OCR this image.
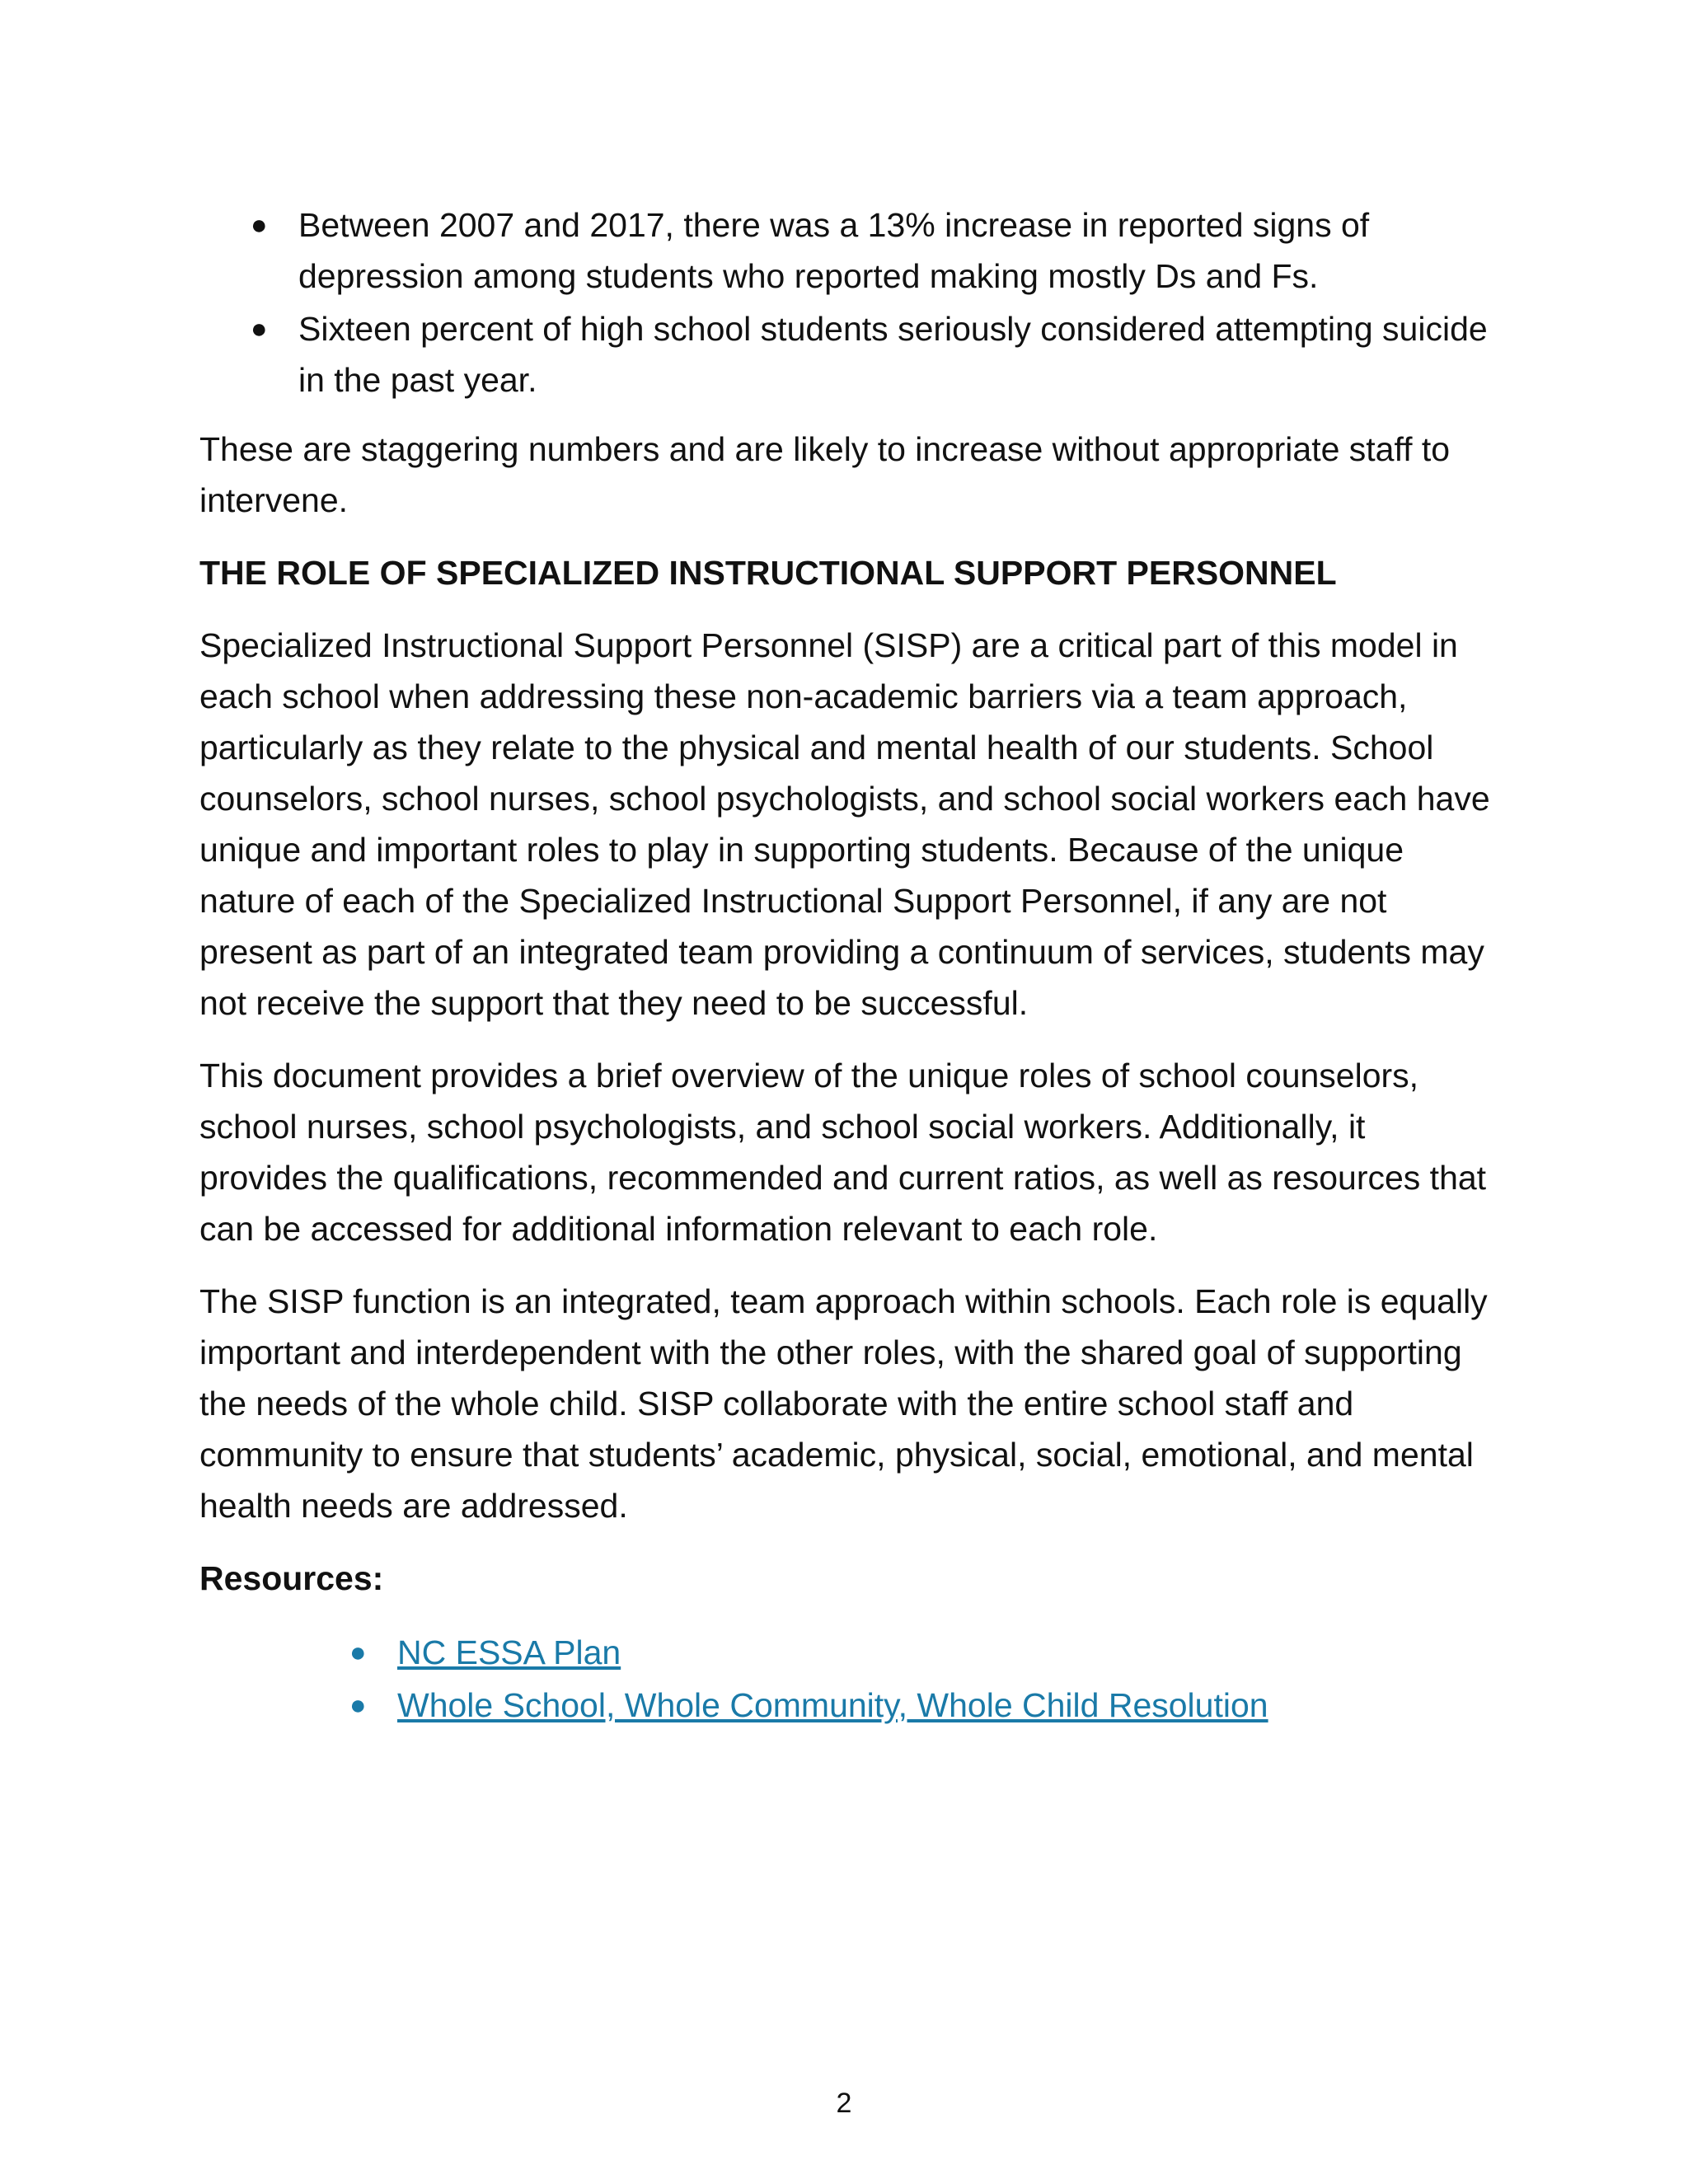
● Between 2007 and 2017, there was a 13% increase in reported signs of depression among students who reported making mostly Ds and Fs.
● Sixteen percent of high school students seriously considered attempting suicide in the past year.

These are staggering numbers and are likely to increase without appropriate staff to intervene.

THE ROLE OF SPECIALIZED INSTRUCTIONAL SUPPORT PERSONNEL

Specialized Instructional Support Personnel (SISP) are a critical part of this model in each school when addressing these non-academic barriers via a team approach, particularly as they relate to the physical and mental health of our students. School counselors, school nurses, school psychologists, and school social workers each have unique and important roles to play in supporting students. Because of the unique nature of each of the Specialized Instructional Support Personnel, if any are not present as part of an integrated team providing a continuum of services, students may not receive the support that they need to be successful.

This document provides a brief overview of the unique roles of school counselors, school nurses, school psychologists, and school social workers. Additionally, it provides the qualifications, recommended and current ratios, as well as resources that can be accessed for additional information relevant to each role.

The SISP function is an integrated, team approach within schools. Each role is equally important and interdependent with the other roles, with the shared goal of supporting the needs of the whole child. SISP collaborate with the entire school staff and community to ensure that students’ academic, physical, social, emotional, and mental health needs are addressed.

Resources:
● NC ESSA Plan
● Whole School, Whole Community, Whole Child Resolution
2
